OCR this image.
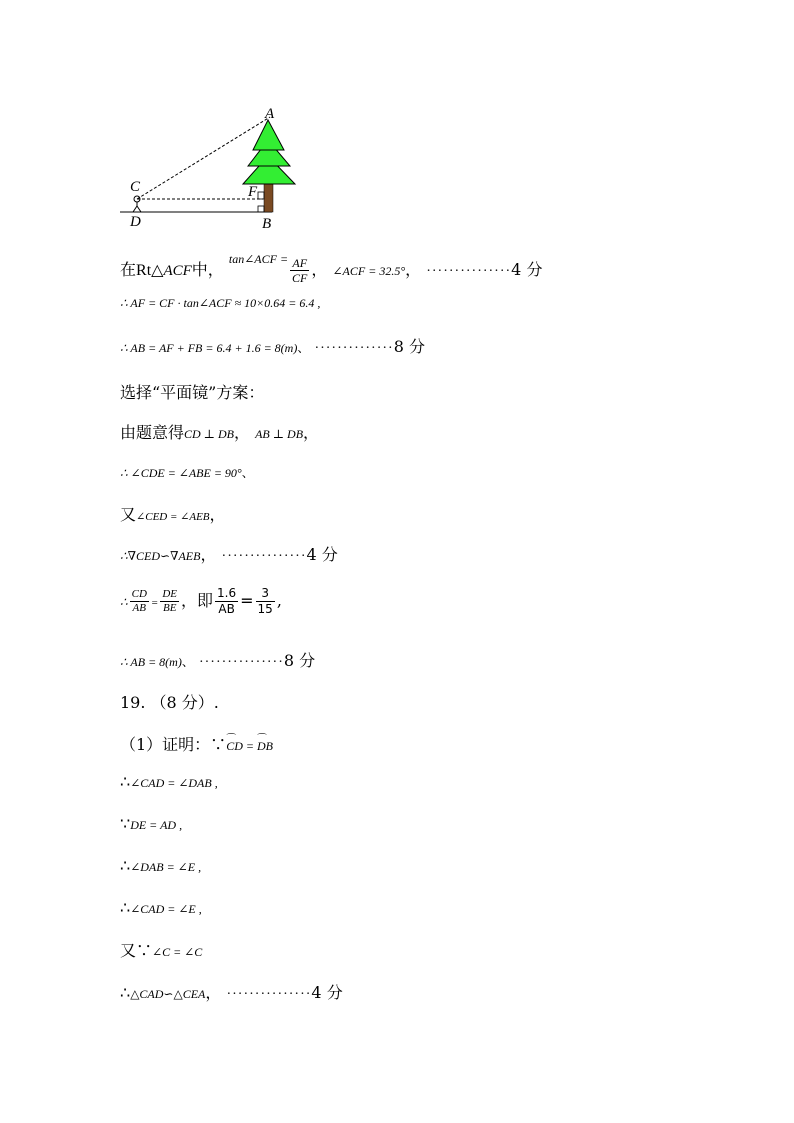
A
C
D
F
B
在Rt△ACF中， $^{tan\angle ACF =} \frac{AF}{CF}$ ， ∠ACF = 32.5°， ···············4 分
∴ AF = CF · tan∠ACF ≈ 10×0.64 = 6.4 ,
∴ AB = AF + FB = 6.4 + 1.6 = 8(m)、 ··············8 分
选择“平面镜”方案：
由题意得CD ⊥ DB， AB ⊥ DB，
∴ ∠CDE = ∠ABE = 90°、
又∠CED = ∠AEB，
∴∇CED∽∇AEB， ···············4 分
∴ $\frac{CD}{AB} = \frac{DE}{BE}$ ，即 $\frac{1.6}{AB} = \frac{3}{15}$ ,
∴ AB = 8(m)、 ···············8 分
19. （8 分）.
（1）证明：∵⌒ CD = ⌒ DB
∴∠CAD = ∠DAB ,
∵DE = AD ,
∴∠DAB = ∠E ,
∴∠CAD = ∠E ,
又∵∠C = ∠C
∴△CAD∽△CEA， ···············4 分
